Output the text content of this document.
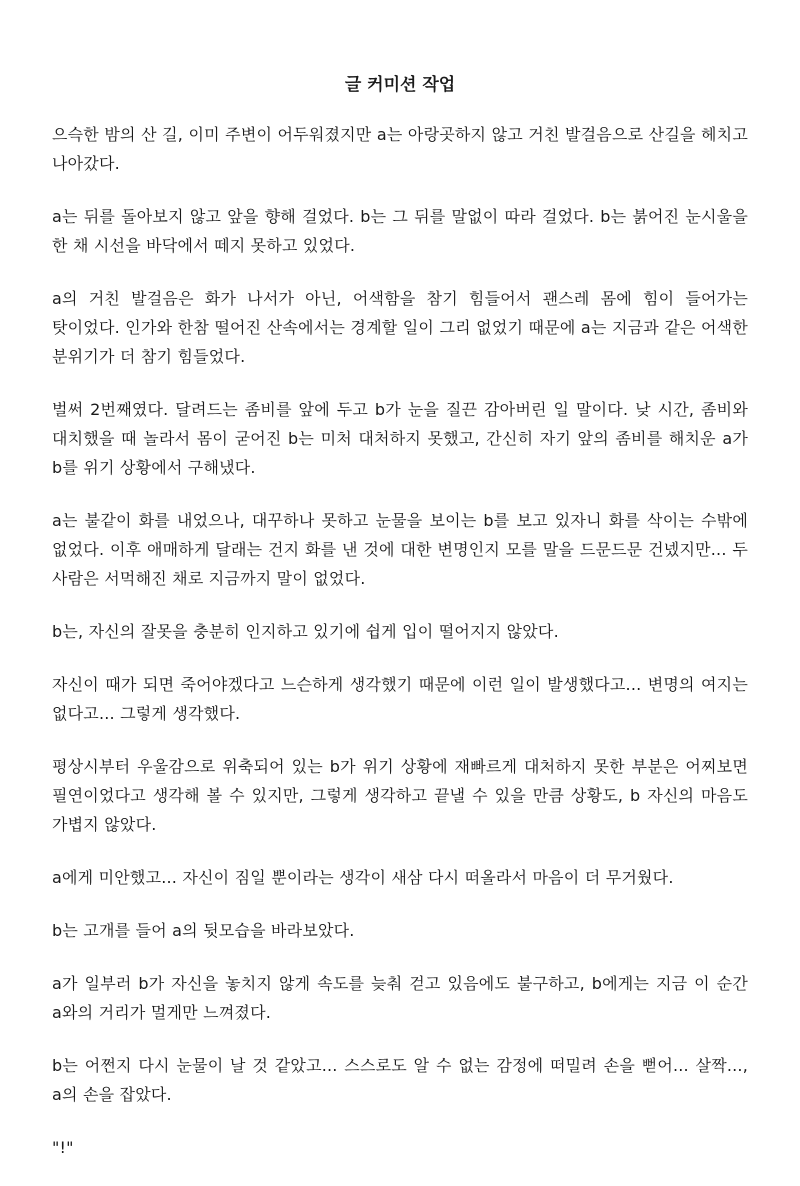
글 커미션 작업

으슥한 밤의 산 길, 이미 주변이 어두워졌지만 a는 아랑곳하지 않고 거친 발걸음으로 산길을 헤치고 나아갔다.

a는 뒤를 돌아보지 않고 앞을 향해 걸었다. b는 그 뒤를 말없이 따라 걸었다. b는 붉어진 눈시울을 한 채 시선을 바닥에서 떼지 못하고 있었다.

a의 거친 발걸음은 화가 나서가 아닌, 어색함을 참기 힘들어서 괜스레 몸에 힘이 들어가는 탓이었다. 인가와 한참 떨어진 산속에서는 경계할 일이 그리 없었기 때문에 a는 지금과 같은 어색한 분위기가 더 참기 힘들었다.

벌써 2번째였다. 달려드는 좀비를 앞에 두고 b가 눈을 질끈 감아버린 일 말이다. 낮 시간, 좀비와 대치했을 때 놀라서 몸이 굳어진 b는 미처 대처하지 못했고, 간신히 자기 앞의 좀비를 해치운 a가 b를 위기 상황에서 구해냈다.

a는 불같이 화를 내었으나, 대꾸하나 못하고 눈물을 보이는 b를 보고 있자니 화를 삭이는 수밖에 없었다. 이후 애매하게 달래는 건지 화를 낸 것에 대한 변명인지 모를 말을 드문드문 건넸지만... 두 사람은 서먹해진 채로 지금까지 말이 없었다.

b는, 자신의 잘못을 충분히 인지하고 있기에 쉽게 입이 떨어지지 않았다.

자신이 때가 되면 죽어야겠다고 느슨하게 생각했기 때문에 이런 일이 발생했다고... 변명의 여지는 없다고... 그렇게 생각했다.

평상시부터 우울감으로 위축되어 있는 b가 위기 상황에 재빠르게 대처하지 못한 부분은 어찌보면 필연이었다고 생각해 볼 수 있지만, 그렇게 생각하고 끝낼 수 있을 만큼 상황도, b 자신의 마음도 가볍지 않았다.

a에게 미안했고... 자신이 짐일 뿐이라는 생각이 새삼 다시 떠올라서 마음이 더 무거웠다.

b는 고개를 들어 a의 뒷모습을 바라보았다.

a가 일부러 b가 자신을 놓치지 않게 속도를 늦춰 걷고 있음에도 불구하고, b에게는 지금 이 순간 a와의 거리가 멀게만 느껴졌다.

b는 어쩐지 다시 눈물이 날 것 같았고... 스스로도 알 수 없는 감정에 떠밀려 손을 뻗어... 살짝..., a의 손을 잡았다.

"!"
